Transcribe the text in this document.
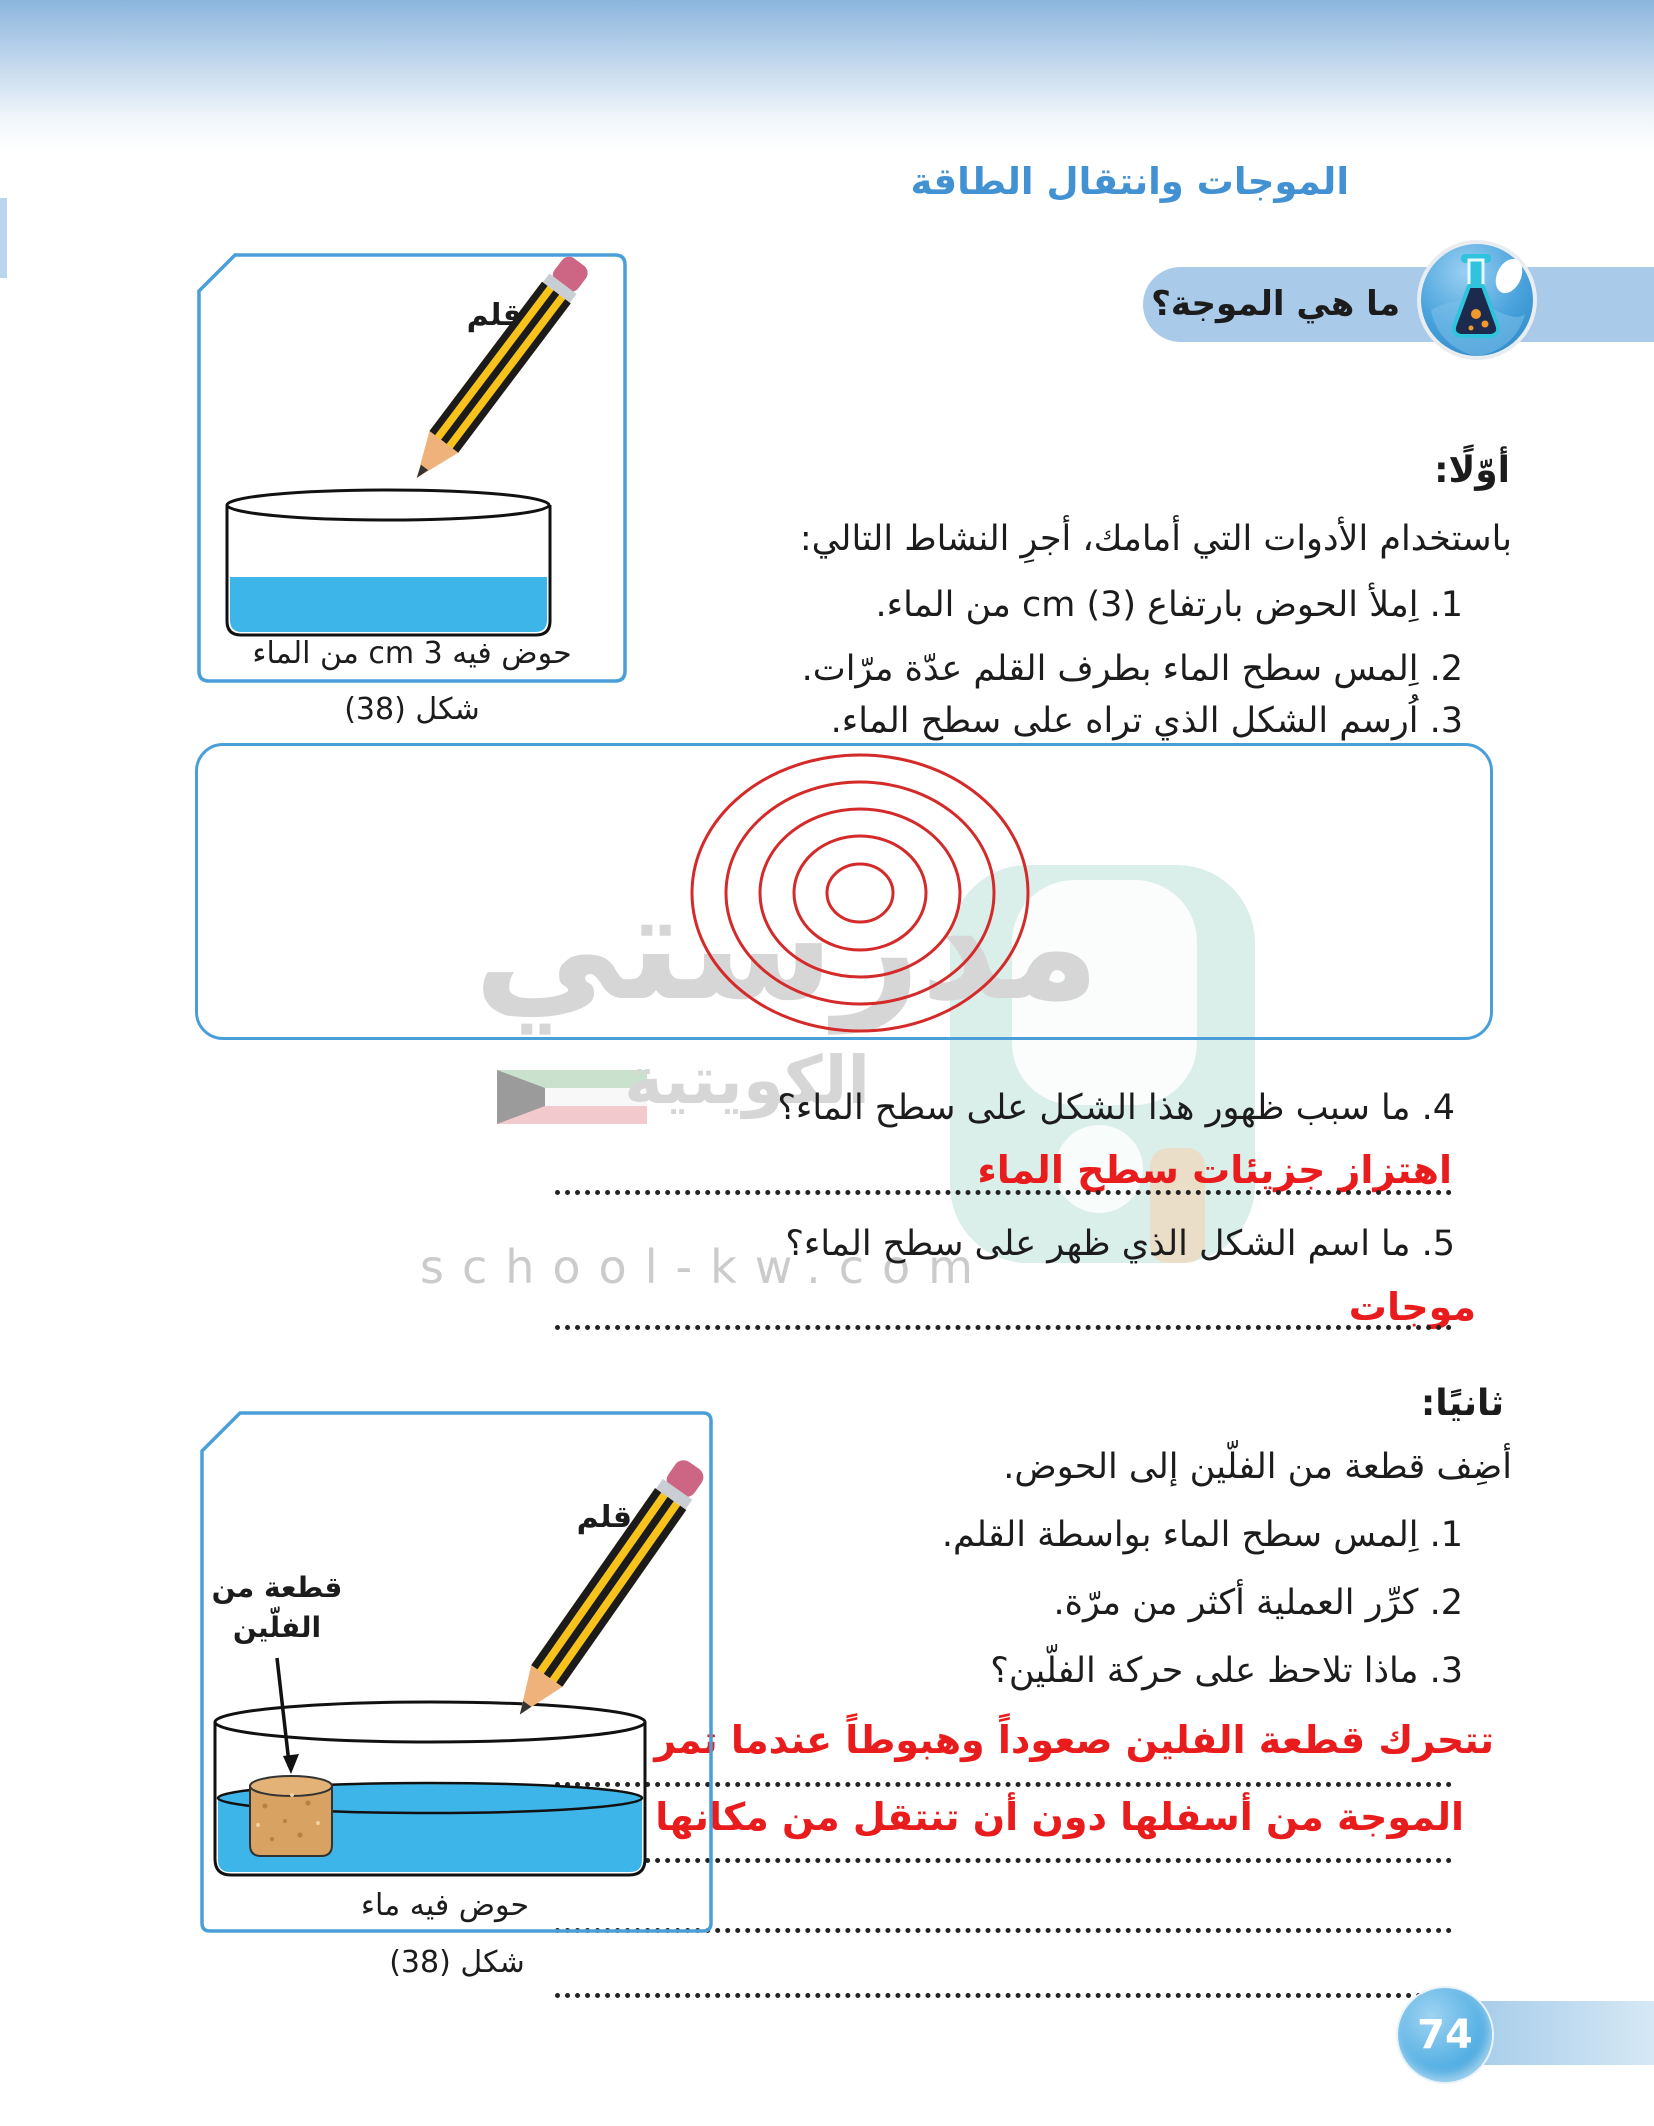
مدرستي
الكويتية
school-kw.com
الموجات وانتقال الطاقة
ما هي الموجة؟
أوّلًا:
باستخدام الأدوات التي أمامك، أجرِ النشاط التالي:
1. اِملأ الحوض بارتفاع cm (3) من الماء.
2. اِلمس سطح الماء بطرف القلم عدّة مرّات.
3. اُرسم الشكل الذي تراه على سطح الماء.
قلم
حوض فيه cm 3 من الماء
شكل (38)
4. ما سبب ظهور هذا الشكل على سطح الماء؟
اهتزاز جزيئات سطح الماء
5. ما اسم الشكل الذي ظهر على سطح الماء؟
موجات
ثانيًا:
أضِف قطعة من الفلّين إلى الحوض.
1. اِلمس سطح الماء بواسطة القلم.
2. كرِّر العملية أكثر من مرّة.
3. ماذا تلاحظ على حركة الفلّين؟
تتحرك قطعة الفلين صعوداً وهبوطاً عندما تمر
الموجة من أسفلها دون أن تنتقل من مكانها
قلم
قطعة من
الفلّين
حوض فيه ماء
شكل (38)
74
